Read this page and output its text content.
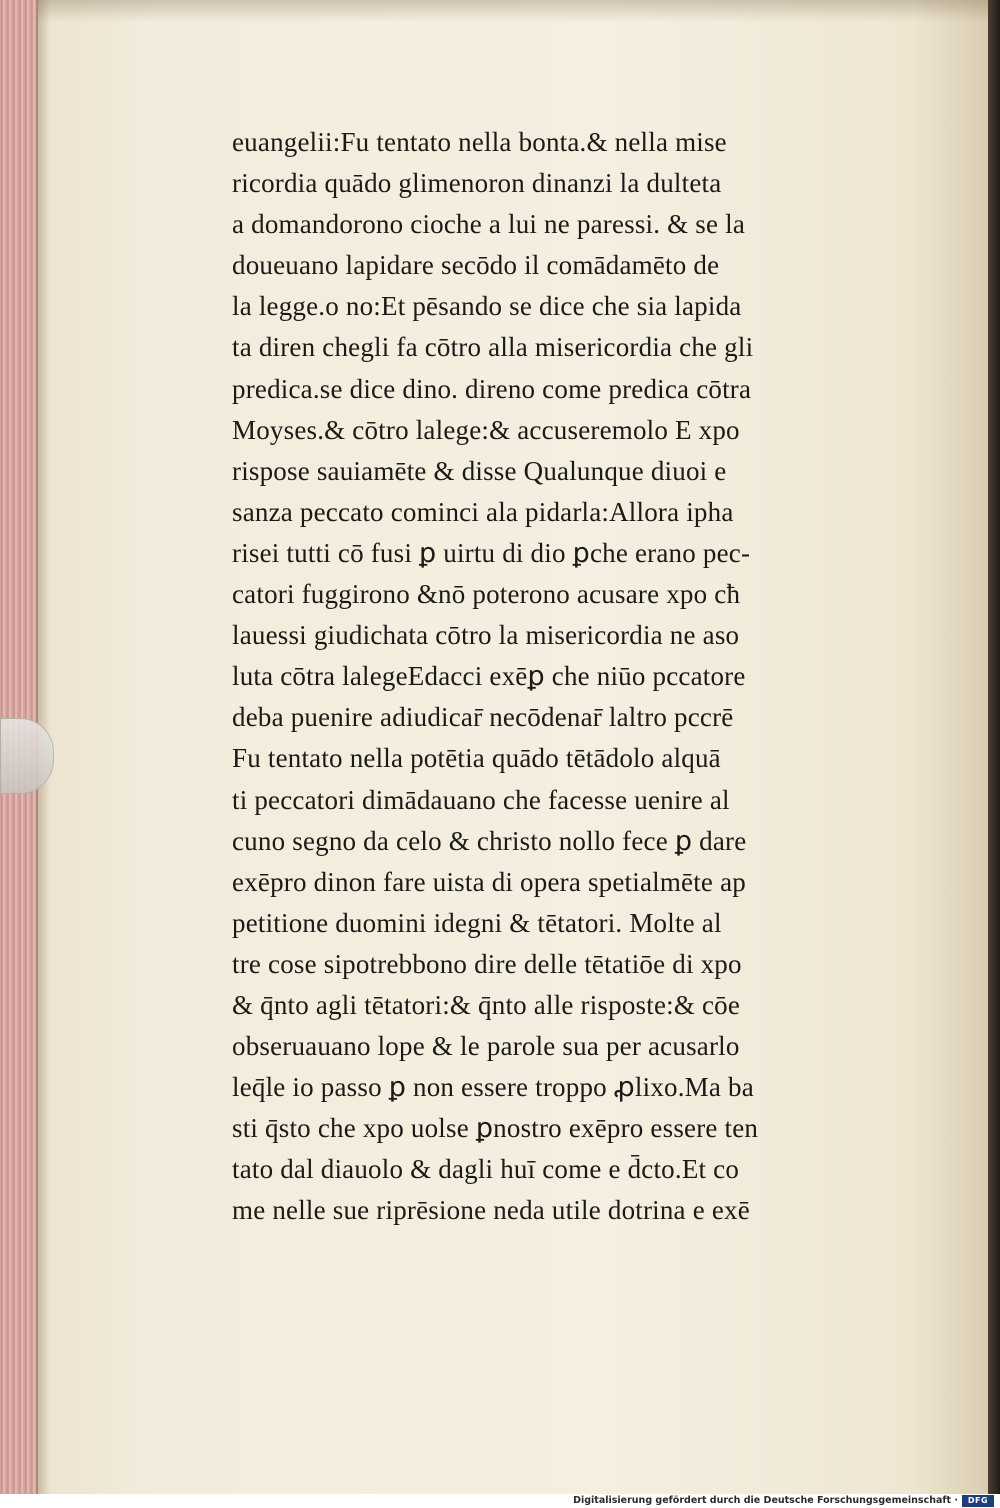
euangelii:Fu tentato nella bonta.& nella mise
ricordia quādo glimenoron dinanzi la dulteta
a domandorono cioche a lui ne paressi. & se la
doueuano lapidare secōdo il comādamēto de
la legge.o no:Et pēsando se dice che sia lapida
ta diren chegli fa cōtro alla misericordia che gli
predica.se dice dino. direno come predica cōtra
Moyses.& cōtro lalege:& accuseremolo E xpo
rispose sauiamēte & disse Qualunque diuoi e
sanza peccato cominci ala pidarla:Allora ipha
risei tutti cō fusi ꝑ uirtu di dio ꝑche erano pec-
catori fuggirono &nō poterono acusare xpo cħ
lauessi giudichata cōtro la misericordia ne aso
luta cōtra lalegeEdacci exēꝑ che niūo pccatore
deba puenire adiudicar̄ necōdenar̄ laltro pccrē
Fu tentato nella potētia quādo tētādolo alquā
ti peccatori dimādauano che facesse uenire al
cuno segno da celo & christo nollo fece ꝑ dare
exēpro dinon fare uista di opera spetialmēte ap
petitione duomini idegni & tētatori. Molte al
tre cose sipotrebbono dire delle tētatiōe di xpo
& q̄nto agli tētatori:& q̄nto alle risposte:& cōe
obseruauano lope & le parole sua per acusarlo
leq̄le io passo ꝑ non essere troppo ꝓlixo.Ma ba
sti q̄sto che xpo uolse ꝑnostro exēpro essere ten
tato dal diauolo & dagli huī come e d̄cto.Et co
me nelle sue riprēsione neda utile dotrina e exē
Digitalisierung gefördert durch die Deutsche Forschungsgemeinschaft ·	DFG
